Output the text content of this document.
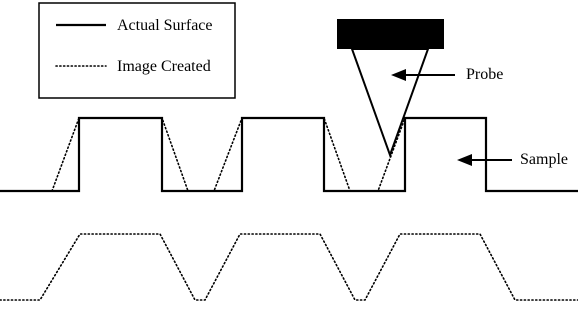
Actual Surface
Image Created	Probe
Sample
